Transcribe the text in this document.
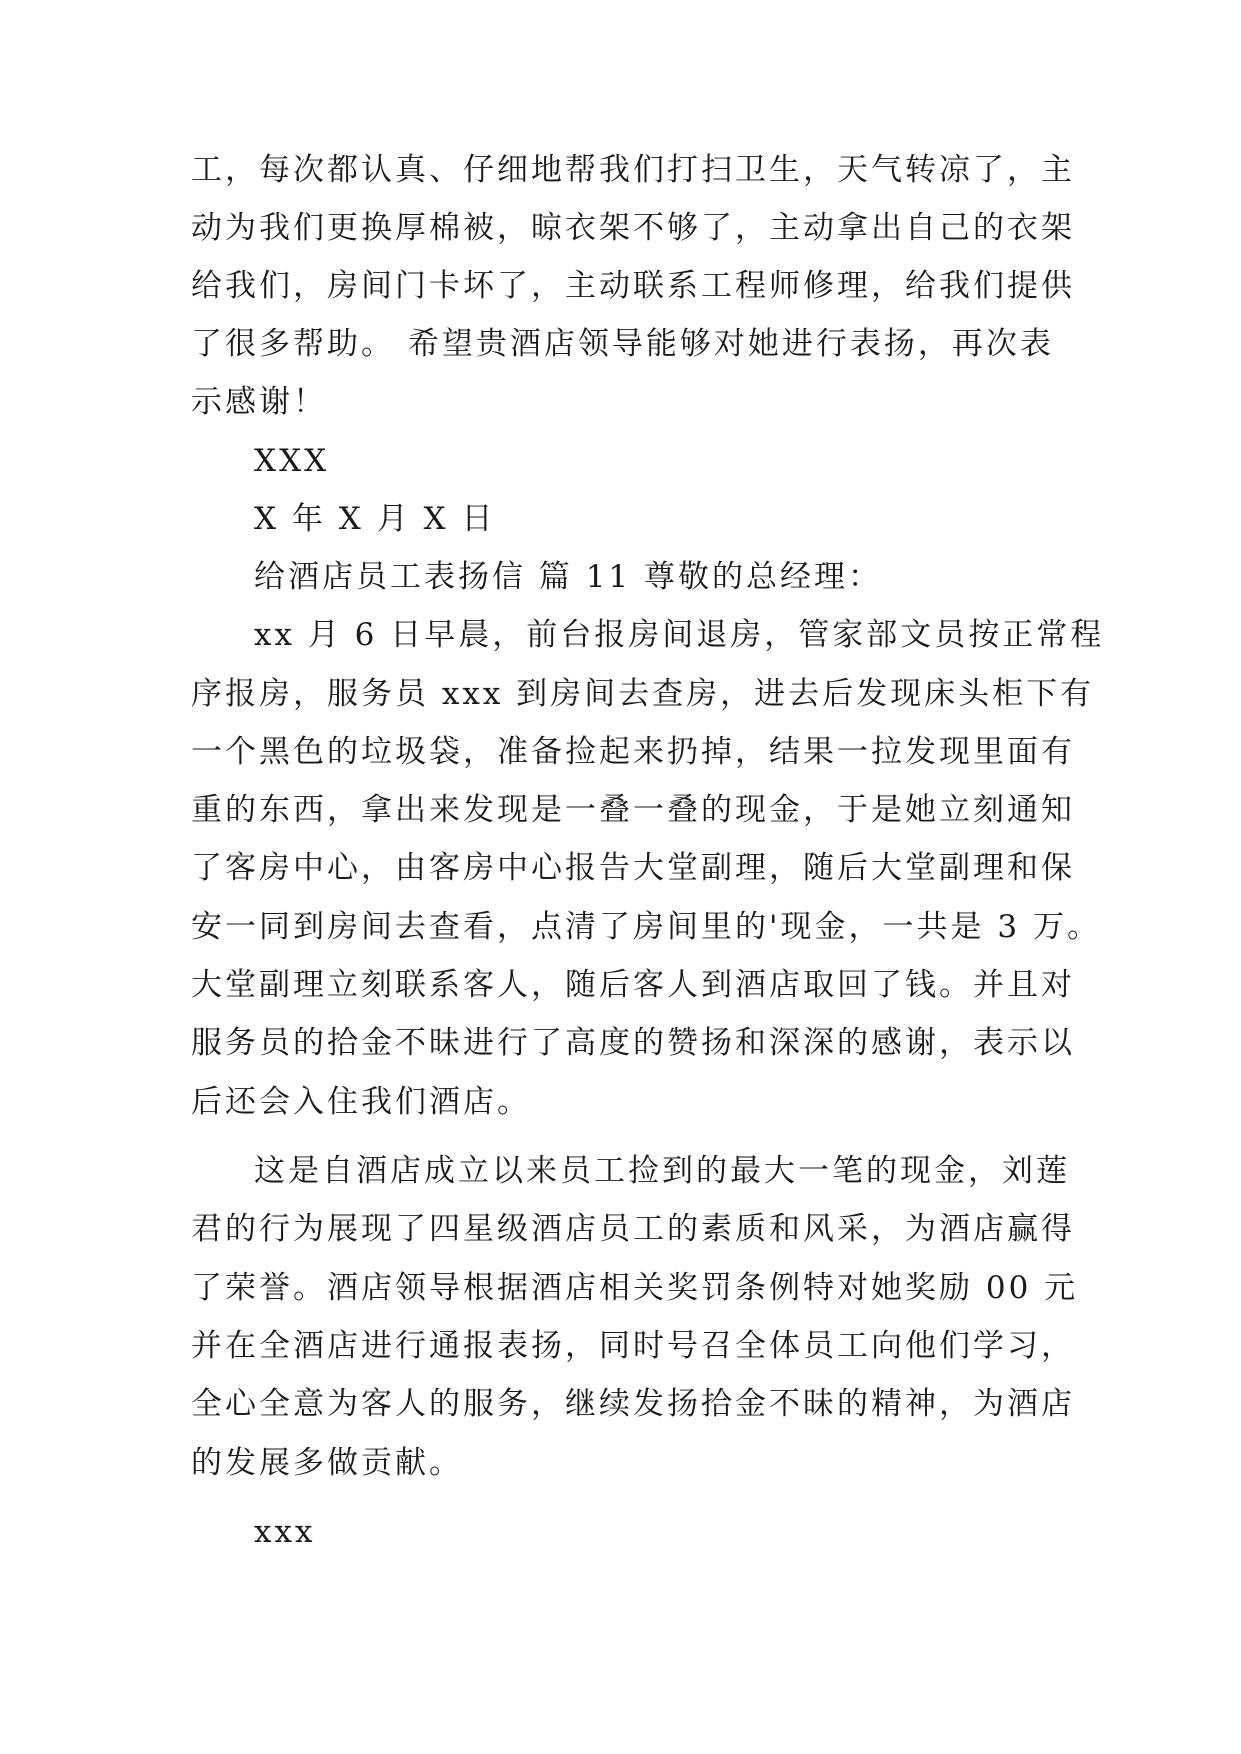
工，每次都认真、仔细地帮我们打扫卫生，天气转凉了，主
动为我们更换厚棉被，晾衣架不够了，主动拿出自己的衣架
给我们，房间门卡坏了，主动联系工程师修理，给我们提供
了很多帮助。 希望贵酒店领导能够对她进行表扬，再次表
示感谢！
XXX
X 年 X 月 X 日
给酒店员工表扬信 篇 11 尊敬的总经理：
xx 月 6 日早晨，前台报房间退房，管家部文员按正常程
序报房，服务员 xxx 到房间去查房，进去后发现床头柜下有
一个黑色的垃圾袋，准备捡起来扔掉，结果一拉发现里面有
重的东西，拿出来发现是一叠一叠的现金，于是她立刻通知
了客房中心，由客房中心报告大堂副理，随后大堂副理和保
安一同到房间去查看，点清了房间里的'现金，一共是 3 万。
大堂副理立刻联系客人，随后客人到酒店取回了钱。并且对
服务员的拾金不昧进行了高度的赞扬和深深的感谢，表示以
后还会入住我们酒店。
这是自酒店成立以来员工捡到的最大一笔的现金，刘莲
君的行为展现了四星级酒店员工的素质和风采，为酒店赢得
了荣誉。酒店领导根据酒店相关奖罚条例特对她奖励 00 元
并在全酒店进行通报表扬，同时号召全体员工向他们学习，
全心全意为客人的服务，继续发扬拾金不昧的精神，为酒店
的发展多做贡献。
xxx
